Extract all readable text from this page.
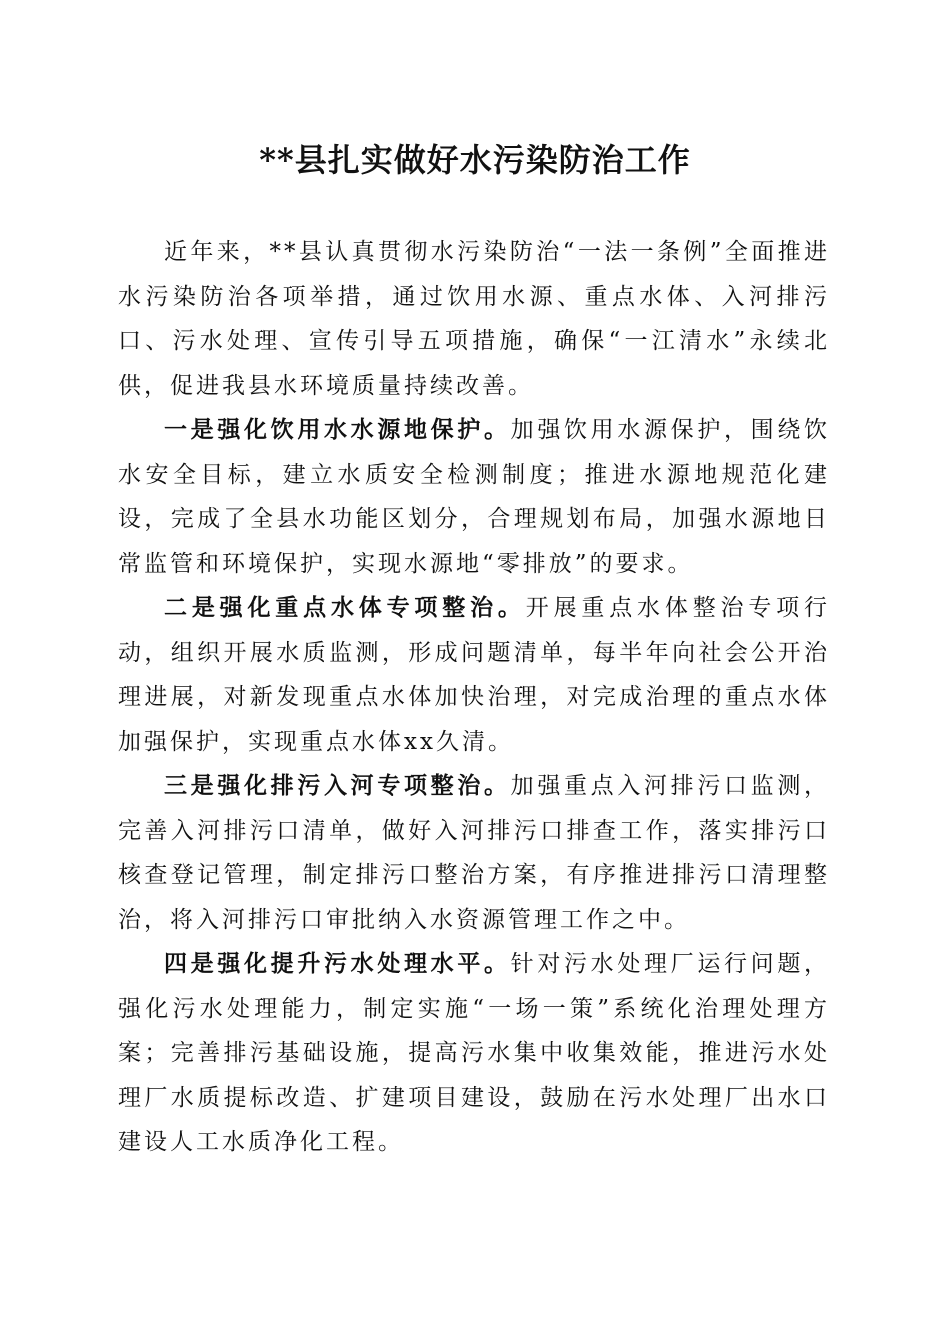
**县扎实做好水污染防治工作

近年来，**县认真贯彻水污染防治“一法一条例”全面推进水污染防治各项举措，通过饮用水源、重点水体、入河排污口、污水处理、宣传引导五项措施，确保“一江清水”永续北供，促进我县水环境质量持续改善。

一是强化饮用水水源地保护。加强饮用水源保护，围绕饮水安全目标，建立水质安全检测制度；推进水源地规范化建设，完成了全县水功能区划分，合理规划布局，加强水源地日常监管和环境保护，实现水源地“零排放”的要求。

二是强化重点水体专项整治。开展重点水体整治专项行动，组织开展水质监测，形成问题清单，每半年向社会公开治理进展，对新发现重点水体加快治理，对完成治理的重点水体加强保护，实现重点水体xx久清。

三是强化排污入河专项整治。加强重点入河排污口监测，完善入河排污口清单，做好入河排污口排查工作，落实排污口核查登记管理，制定排污口整治方案，有序推进排污口清理整治，将入河排污口审批纳入水资源管理工作之中。

四是强化提升污水处理水平。针对污水处理厂运行问题，强化污水处理能力，制定实施“一场一策”系统化治理处理方案；完善排污基础设施，提高污水集中收集效能，推进污水处理厂水质提标改造、扩建项目建设，鼓励在污水处理厂出水口建设人工水质净化工程。
